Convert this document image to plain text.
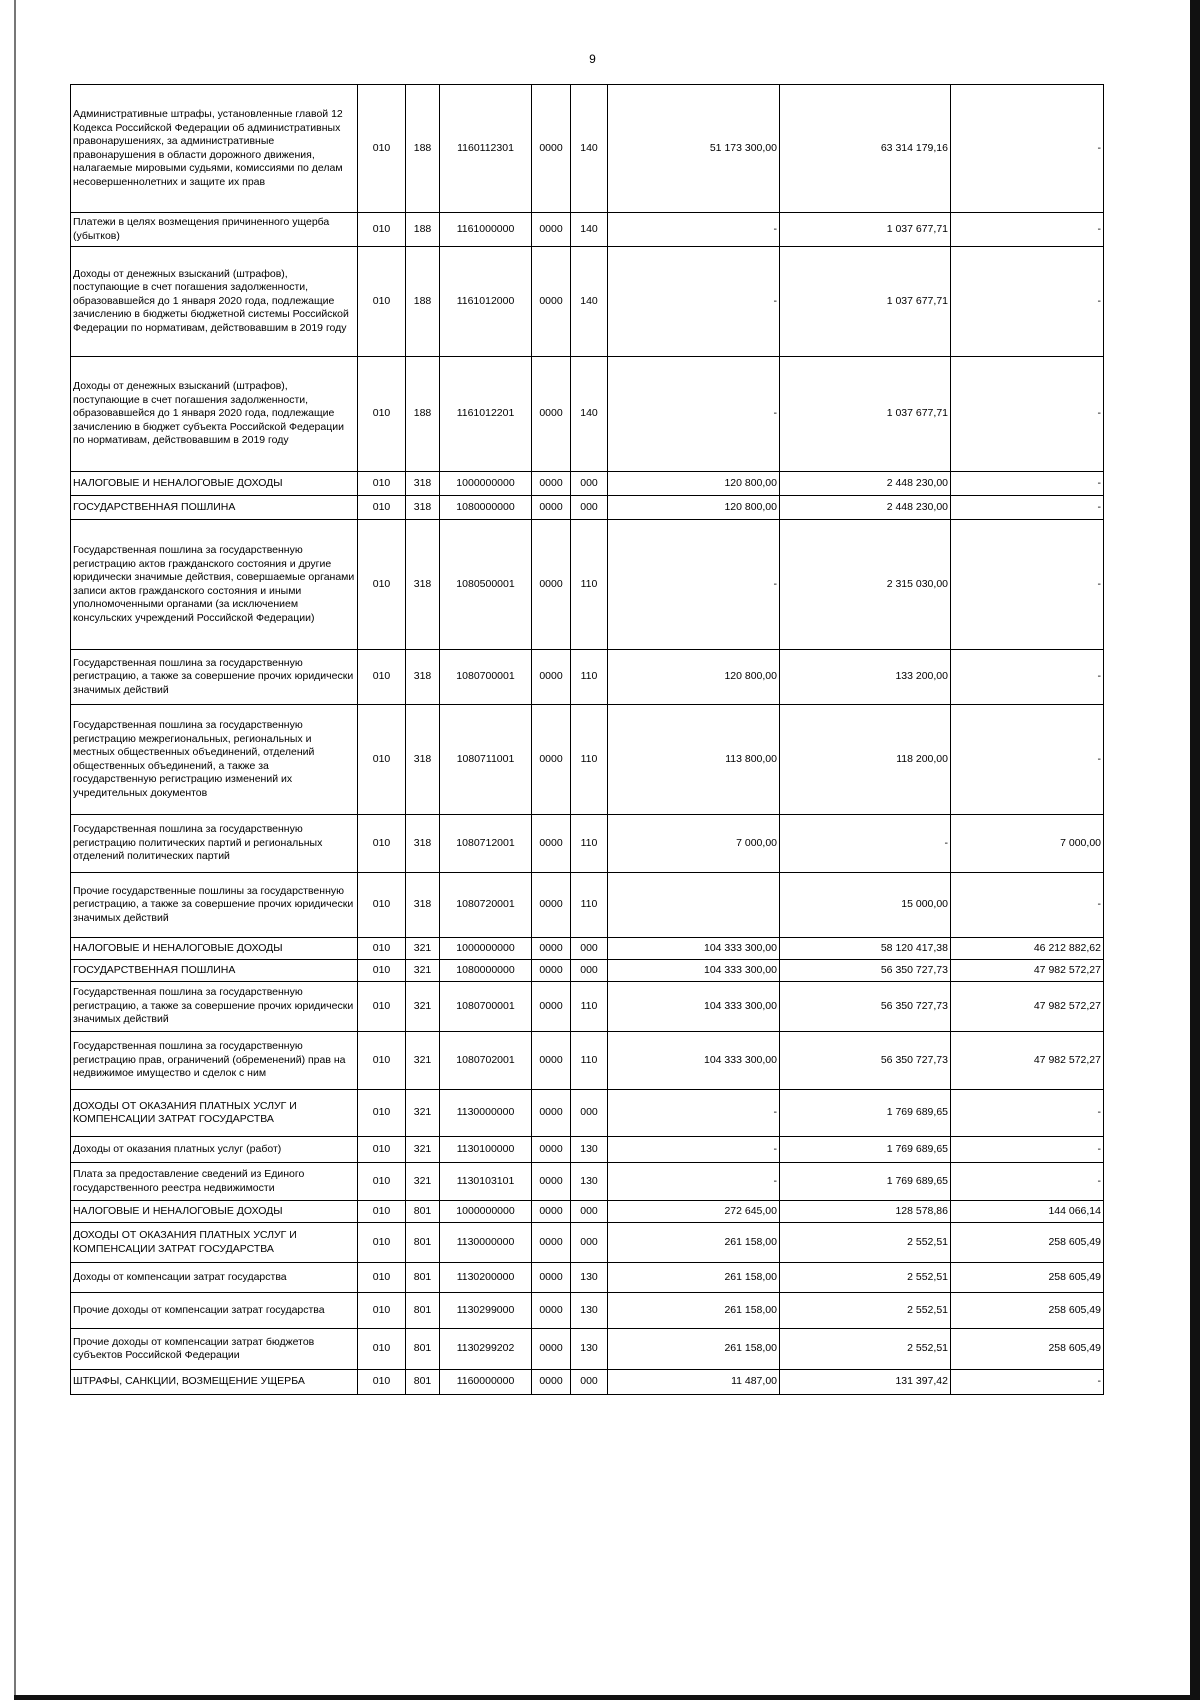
9
Административные штрафы, установленные главой 12 Кодекса Российской Федерации об административных правонарушениях, за административные правонарушения в области дорожного движения, налагаемые мировыми судьями, комиссиями по делам несовершеннолетних и защите их прав	010	188	1160112301	0000	140	51 173 300,00	63 314 179,16	-
Платежи в целях возмещения причиненного ущерба (убытков)	010	188	1161000000	0000	140	-	1 037 677,71	-
Доходы от денежных взысканий (штрафов), поступающие в счет погашения задолженности, образовавшейся до 1 января 2020 года, подлежащие зачислению в бюджеты бюджетной системы Российской Федерации по нормативам, действовавшим в 2019 году	010	188	1161012000	0000	140	-	1 037 677,71	-
Доходы от денежных взысканий (штрафов), поступающие в счет погашения задолженности, образовавшейся до 1 января 2020 года, подлежащие зачислению в бюджет субъекта Российской Федерации по нормативам, действовавшим в 2019 году	010	188	1161012201	0000	140	-	1 037 677,71	-
НАЛОГОВЫЕ И НЕНАЛОГОВЫЕ ДОХОДЫ	010	318	1000000000	0000	000	120 800,00	2 448 230,00	-
ГОСУДАРСТВЕННАЯ ПОШЛИНА	010	318	1080000000	0000	000	120 800,00	2 448 230,00	-
Государственная пошлина за государственную регистрацию актов гражданского состояния и другие юридически значимые действия, совершаемые органами записи актов гражданского состояния и иными уполномоченными органами (за исключением консульских учреждений Российской Федерации)	010	318	1080500001	0000	110	-	2 315 030,00	-
Государственная пошлина за государственную регистрацию, а также за совершение прочих юридически значимых действий	010	318	1080700001	0000	110	120 800,00	133 200,00	-
Государственная пошлина за государственную регистрацию межрегиональных, региональных и местных общественных объединений, отделений общественных объединений, а также за государственную регистрацию изменений их учредительных документов	010	318	1080711001	0000	110	113 800,00	118 200,00	-
Государственная пошлина за государственную регистрацию политических партий и региональных отделений политических партий	010	318	1080712001	0000	110	7 000,00	-	7 000,00
Прочие государственные пошлины за государственную регистрацию, а также за совершение прочих юридически значимых действий	010	318	1080720001	0000	110		15 000,00	-
НАЛОГОВЫЕ И НЕНАЛОГОВЫЕ ДОХОДЫ	010	321	1000000000	0000	000	104 333 300,00	58 120 417,38	46 212 882,62
ГОСУДАРСТВЕННАЯ ПОШЛИНА	010	321	1080000000	0000	000	104 333 300,00	56 350 727,73	47 982 572,27
Государственная пошлина за государственную регистрацию, а также за совершение прочих юридически значимых действий	010	321	1080700001	0000	110	104 333 300,00	56 350 727,73	47 982 572,27
Государственная пошлина за государственную регистрацию прав, ограничений (обременений) прав на недвижимое имущество и сделок с ним	010	321	1080702001	0000	110	104 333 300,00	56 350 727,73	47 982 572,27
ДОХОДЫ ОТ ОКАЗАНИЯ ПЛАТНЫХ УСЛУГ И КОМПЕНСАЦИИ ЗАТРАТ ГОСУДАРСТВА	010	321	1130000000	0000	000	-	1 769 689,65	-
Доходы от оказания платных услуг (работ)	010	321	1130100000	0000	130	-	1 769 689,65	-
Плата за предоставление сведений из Единого государственного реестра недвижимости	010	321	1130103101	0000	130	-	1 769 689,65	-
НАЛОГОВЫЕ И НЕНАЛОГОВЫЕ ДОХОДЫ	010	801	1000000000	0000	000	272 645,00	128 578,86	144 066,14
ДОХОДЫ ОТ ОКАЗАНИЯ ПЛАТНЫХ УСЛУГ И КОМПЕНСАЦИИ ЗАТРАТ ГОСУДАРСТВА	010	801	1130000000	0000	000	261 158,00	2 552,51	258 605,49
Доходы от компенсации затрат государства	010	801	1130200000	0000	130	261 158,00	2 552,51	258 605,49
Прочие доходы от компенсации затрат государства	010	801	1130299000	0000	130	261 158,00	2 552,51	258 605,49
Прочие доходы от компенсации затрат бюджетов субъектов Российской Федерации	010	801	1130299202	0000	130	261 158,00	2 552,51	258 605,49
ШТРАФЫ, САНКЦИИ, ВОЗМЕЩЕНИЕ УЩЕРБА	010	801	1160000000	0000	000	11 487,00	131 397,42	-
